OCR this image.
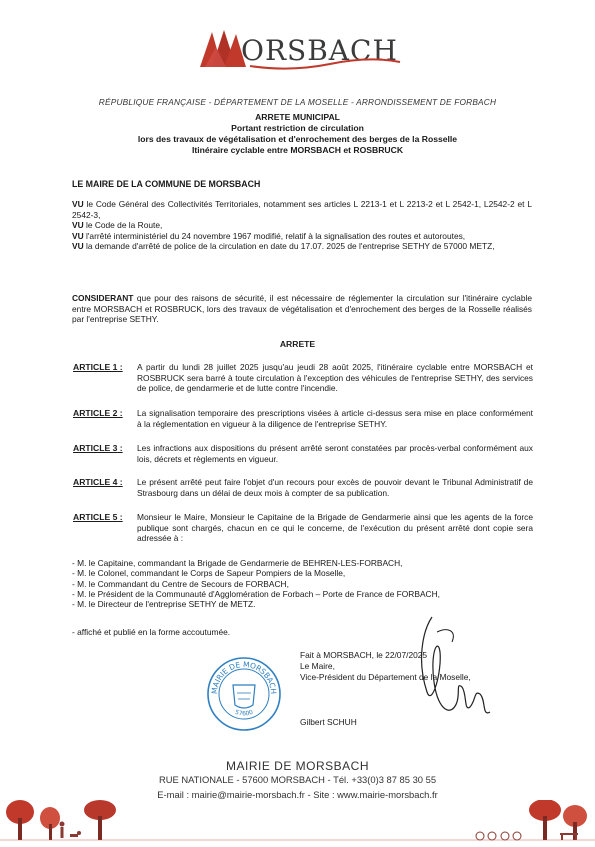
ORSBACH
RÉPUBLIQUE FRANÇAISE - DÉPARTEMENT DE LA MOSELLE - ARRONDISSEMENT DE FORBACH
ARRETE MUNICIPAL
Portant restriction de circulation
lors des travaux de végétalisation et d'enrochement des berges de la Rosselle
Itinéraire cyclable entre MORSBACH et ROSBRUCK
LE MAIRE DE LA COMMUNE DE MORSBACH
VU le Code Général des Collectivités Territoriales, notamment ses articles L 2213-1 et L 2213-2 et L 2542-1, L2542-2 et L 2542-3,
VU le Code de la Route,
VU l'arrêté interministériel du 24 novembre 1967 modifié, relatif à la signalisation des routes et autoroutes,
VU la demande d'arrêté de police de la circulation en date du 17.07. 2025 de l'entreprise SETHY de 57000 METZ,
CONSIDERANT que pour des raisons de sécurité, il est nécessaire de réglementer la circulation sur l'itinéraire cyclable entre MORSBACH et ROSBRUCK, lors des travaux de végétalisation et d'enrochement des berges de la Rosselle réalisés par l'entreprise SETHY.
ARRETE
ARTICLE 1 : A partir du lundi 28 juillet 2025 jusqu'au jeudi 28 août 2025, l'itinéraire cyclable entre MORSBACH et ROSBRUCK sera barré à toute circulation à l'exception des véhicules de l'entreprise SETHY, des services de police, de gendarmerie et de lutte contre l'incendie.
ARTICLE 2 : La signalisation temporaire des prescriptions visées à article ci-dessus sera mise en place conformément à la réglementation en vigueur à la diligence de l'entreprise SETHY.
ARTICLE 3 : Les infractions aux dispositions du présent arrêté seront constatées par procès-verbal conformément aux lois, décrets et règlements en vigueur.
ARTICLE 4 : Le présent arrêté peut faire l'objet d'un recours pour excès de pouvoir devant le Tribunal Administratif de Strasbourg dans un délai de deux mois à compter de sa publication.
ARTICLE 5 : Monsieur le Maire, Monsieur le Capitaine de la Brigade de Gendarmerie ainsi que les agents de la force publique sont chargés, chacun en ce qui le concerne, de l'exécution du présent arrêté dont copie sera adressée à :
- M. le Capitaine, commandant la Brigade de Gendarmerie de BEHREN-LES-FORBACH,
- M. le Colonel, commandant le Corps de Sapeur Pompiers de la Moselle,
- M. le Commandant du Centre de Secours de FORBACH,
- M. le Président de la Communauté d'Agglomération de Forbach – Porte de France de FORBACH,
- M. le Directeur de l'entreprise SETHY de METZ.
- affiché et publié en la forme accoutumée.
Fait à MORSBACH, le 22/07/2025
Le Maire,
Vice-Président du Département de la Moselle,
Gilbert SCHUH
MAIRIE DE MORSBACH
57600
MAIRIE DE MORSBACH
RUE NATIONALE - 57600 MORSBACH - Tél. +33(0)3 87 85 30 55
E-mail : mairie@mairie-morsbach.fr - Site : www.mairie-morsbach.fr
